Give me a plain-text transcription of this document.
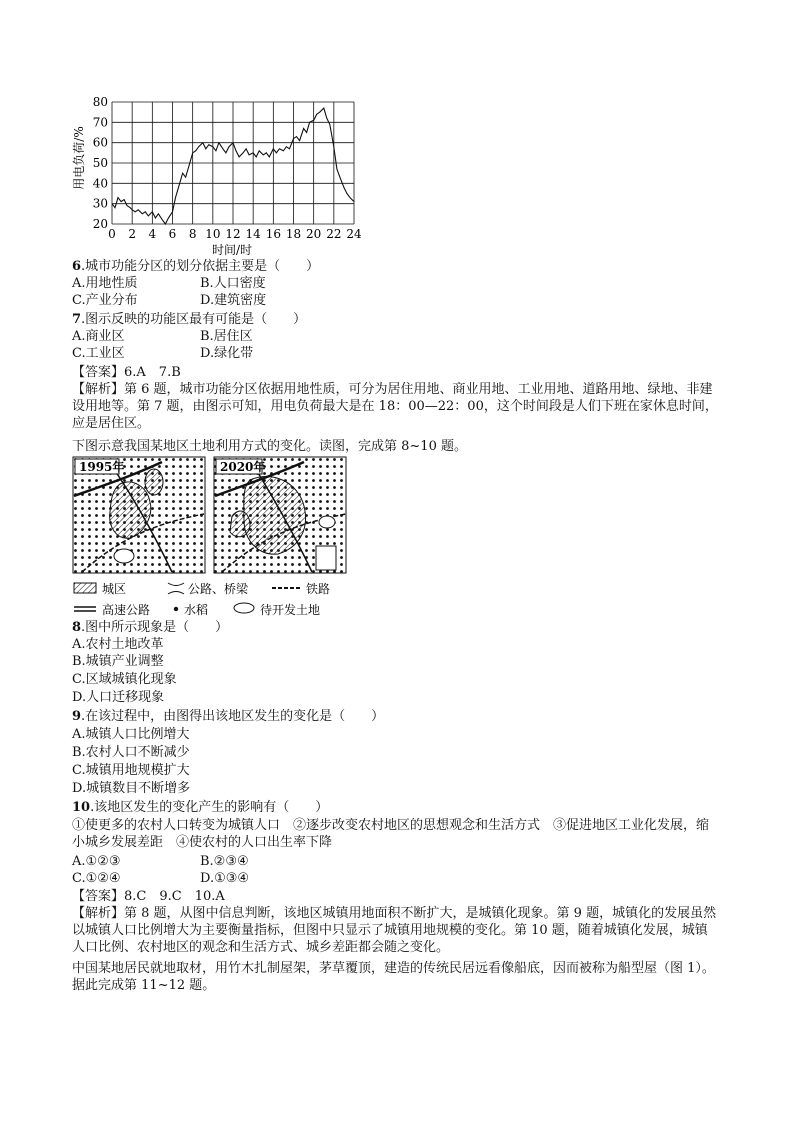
20
30
40
50
60
70
80
0 2 4 6 8 10 12 14 16 18 20 22 24
用电负荷/%
时间/时
6.城市功能分区的划分依据主要是（　　）
A.用地性质	B.人口密度
C.产业分布	D.建筑密度
7.图示反映的功能区最有可能是（　　）
A.商业区	B.居住区
C.工业区	D.绿化带
【答案】6.A　7.B
【解析】第 6 题，城市功能分区依据用地性质，可分为居住用地、商业用地、工业用地、道路用地、绿地、非建设用地等。第 7 题，由图示可知，用电负荷最大是在 18：00—22：00，这个时间段是人们下班在家休息时间，应是居住区。
下图示意我国某地区土地利用方式的变化。读图，完成第 8~10 题。
1995年	2020年
城区	公路、桥梁	铁路
高速公路	水稻	待开发土地
8.图中所示现象是（　　）
A.农村土地改革
B.城镇产业调整
C.区域城镇化现象
D.人口迁移现象
9.在该过程中，由图得出该地区发生的变化是（　　）
A.城镇人口比例增大
B.农村人口不断减少
C.城镇用地规模扩大
D.城镇数目不断增多
10.该地区发生的变化产生的影响有（　　）
①使更多的农村人口转变为城镇人口　②逐步改变农村地区的思想观念和生活方式　③促进地区工业化发展，缩小城乡发展差距　④使农村的人口出生率下降
A.①②③	B.②③④
C.①②④	D.①③④
【答案】8.C　9.C　10.A
【解析】第 8 题，从图中信息判断，该地区城镇用地面积不断扩大，是城镇化现象。第 9 题，城镇化的发展虽然以城镇人口比例增大为主要衡量指标，但图中只显示了城镇用地规模的变化。第 10 题，随着城镇化发展，城镇人口比例、农村地区的观念和生活方式、城乡差距都会随之变化。
中国某地居民就地取材，用竹木扎制屋架，茅草覆顶，建造的传统民居远看像船底，因而被称为船型屋（图 1）。据此完成第 11~12 题。
